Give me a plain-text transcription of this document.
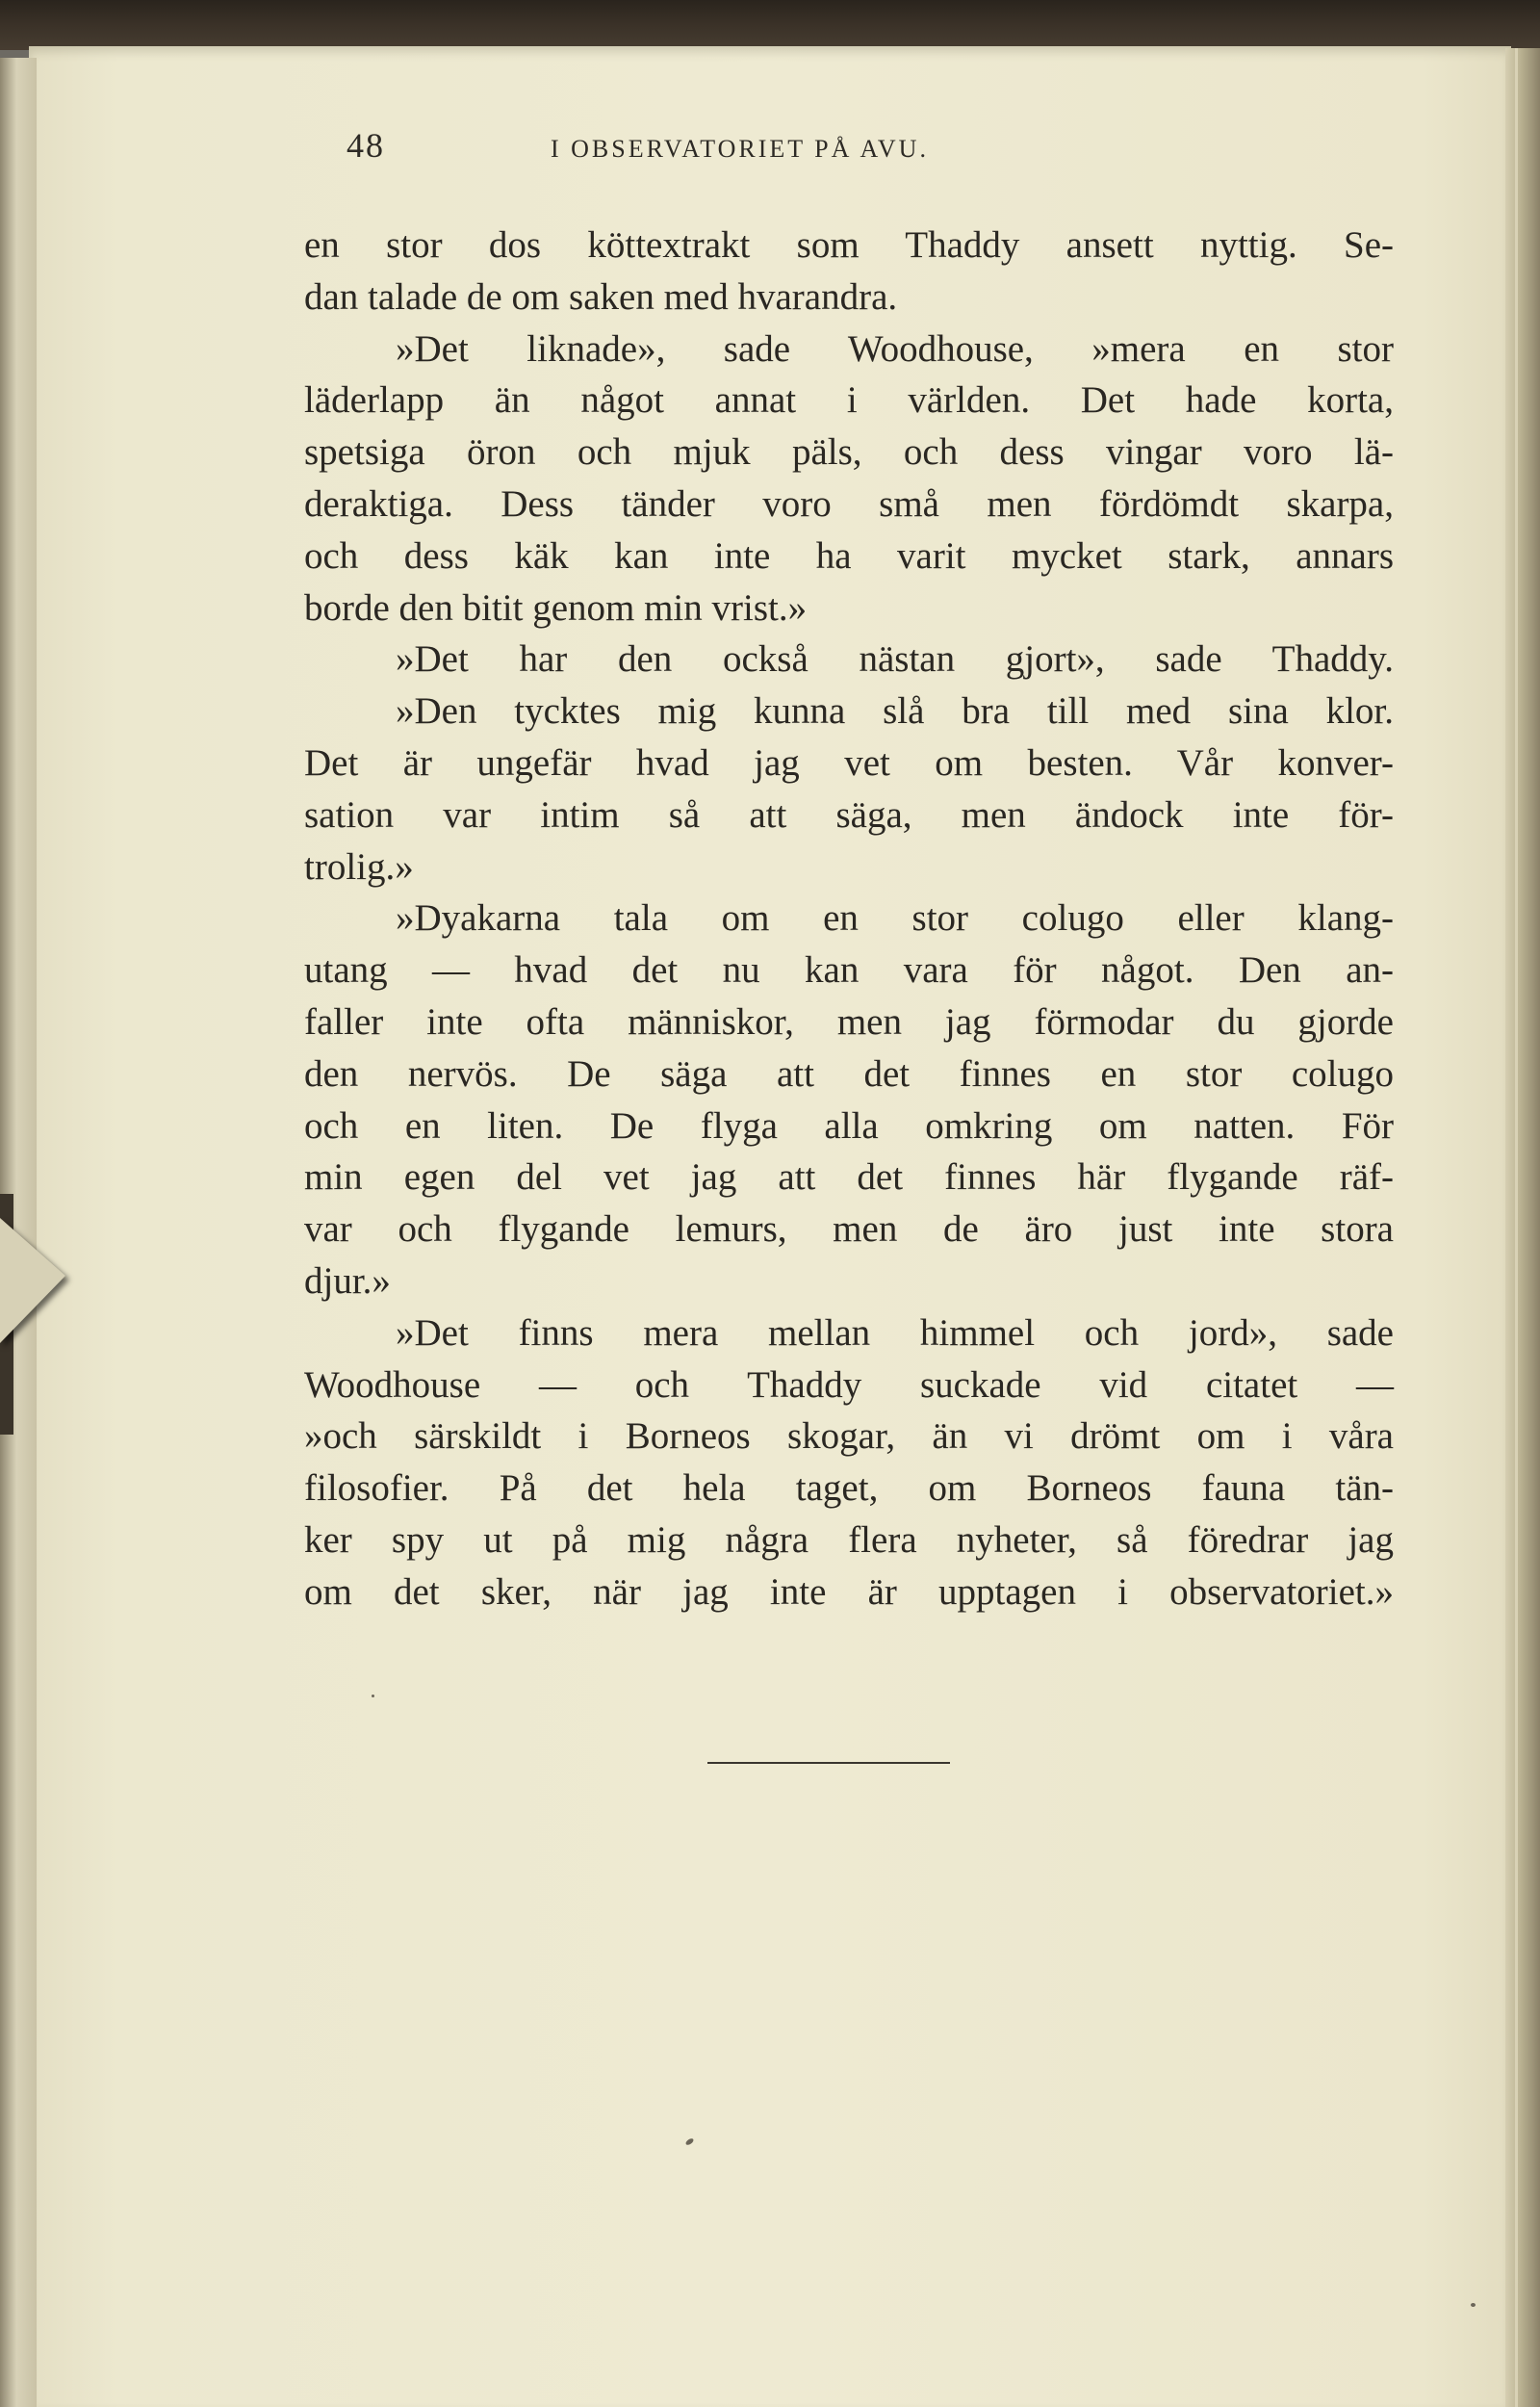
48	I OBSERVATORIET PÅ AVU.
en stor dos köttextrakt som Thaddy ansett nyttig. Se-
dan talade de om saken med hvarandra.
»Det liknade», sade Woodhouse, »mera en stor
läderlapp än något annat i världen. Det hade korta,
spetsiga öron och mjuk päls, och dess vingar voro lä-
deraktiga. Dess tänder voro små men fördömdt skarpa,
och dess käk kan inte ha varit mycket stark, annars
borde den bitit genom min vrist.»
»Det har den också nästan gjort», sade Thaddy.
»Den tycktes mig kunna slå bra till med sina klor.
Det är ungefär hvad jag vet om besten. Vår konver-
sation var intim så att säga, men ändock inte för-
trolig.»
»Dyakarna tala om en stor colugo eller klang-
utang — hvad det nu kan vara för något. Den an-
faller inte ofta människor, men jag förmodar du gjorde
den nervös. De säga att det finnes en stor colugo
och en liten. De flyga alla omkring om natten. För
min egen del vet jag att det finnes här flygande räf-
var och flygande lemurs, men de äro just inte stora
djur.»
»Det finns mera mellan himmel och jord», sade
Woodhouse — och Thaddy suckade vid citatet —
»och särskildt i Borneos skogar, än vi drömt om i våra
filosofier. På det hela taget, om Borneos fauna tän-
ker spy ut på mig några flera nyheter, så föredrar jag
om det sker, när jag inte är upptagen i observatoriet.»
